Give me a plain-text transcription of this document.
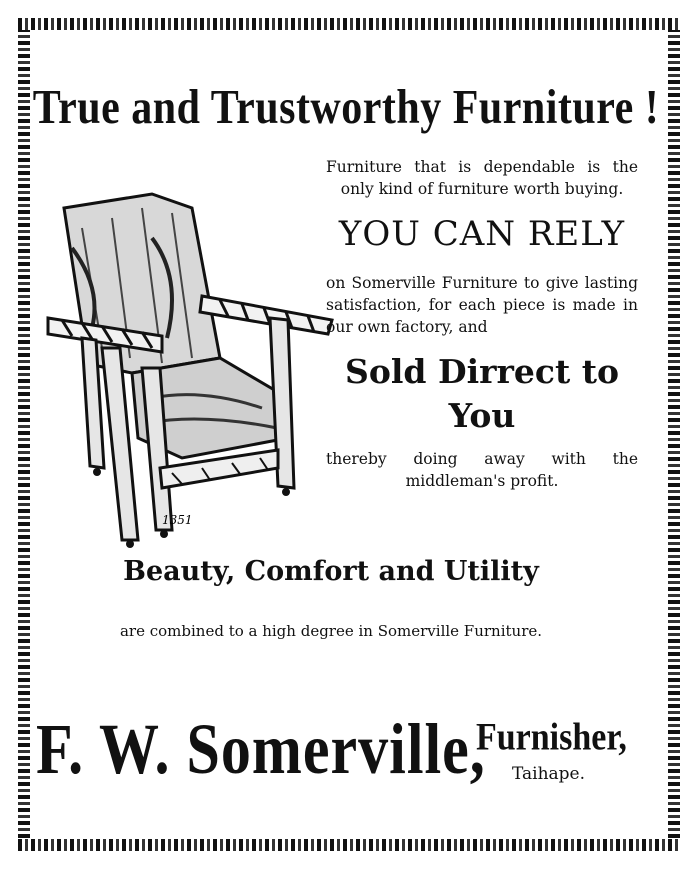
True and Trustworthy Furniture !
1351

Furniture that is dependable is the only kind of furniture worth buying.

YOU CAN RELY

on Somerville Furniture to give lasting satisfaction, for each piece is made in our own factory, and

Sold Dirrect to
You

thereby doing away with the middleman's profit.

Beauty, Comfort and Utility
are combined to a high degree in Somerville Furniture.
F. W. Somerville,
Furnisher,
Taihape.
